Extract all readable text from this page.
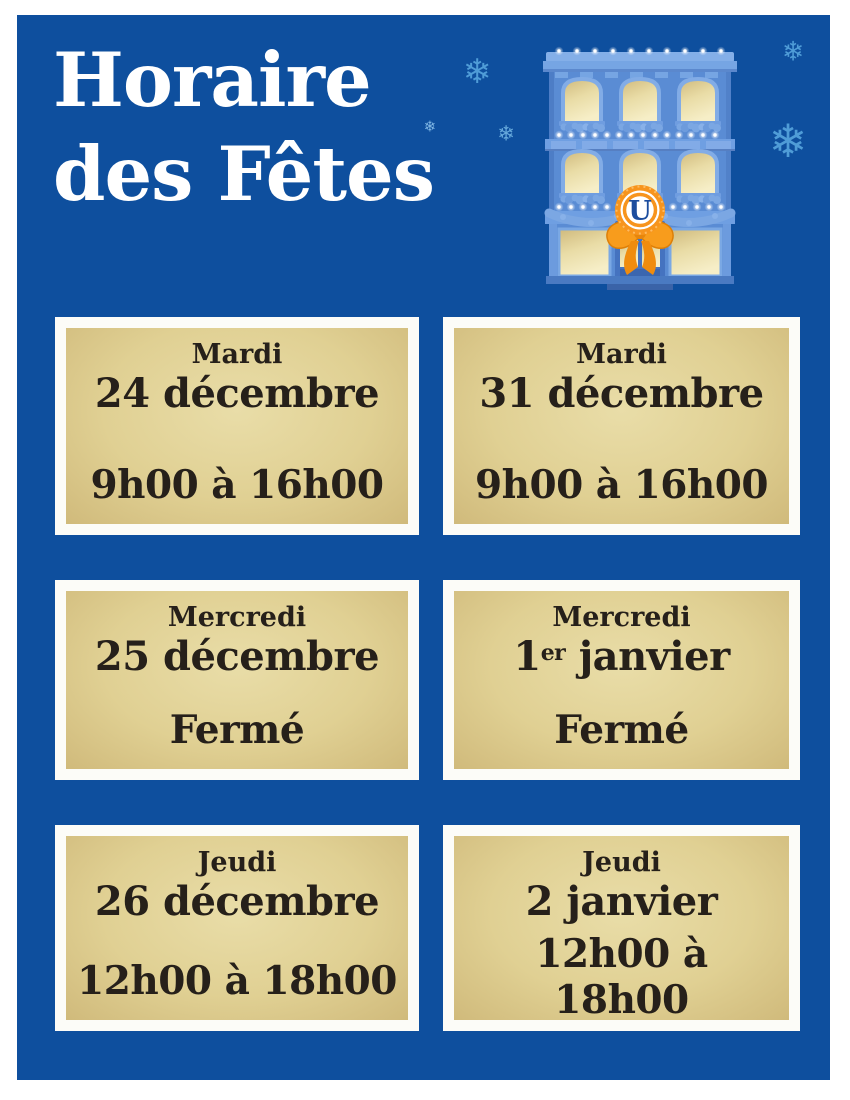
Horaire
des Fêtes
❄
❄	❄
❄
❄
U
Mardi
24 décembre
9h00 à 16h00
Mardi
31 décembre
9h00 à 16h00
Mercredi
25 décembre
Fermé
Mercredi
1er janvier
Fermé
Jeudi
26 décembre
12h00 à 18h00
Jeudi
2 janvier
12h00 à 18h00
